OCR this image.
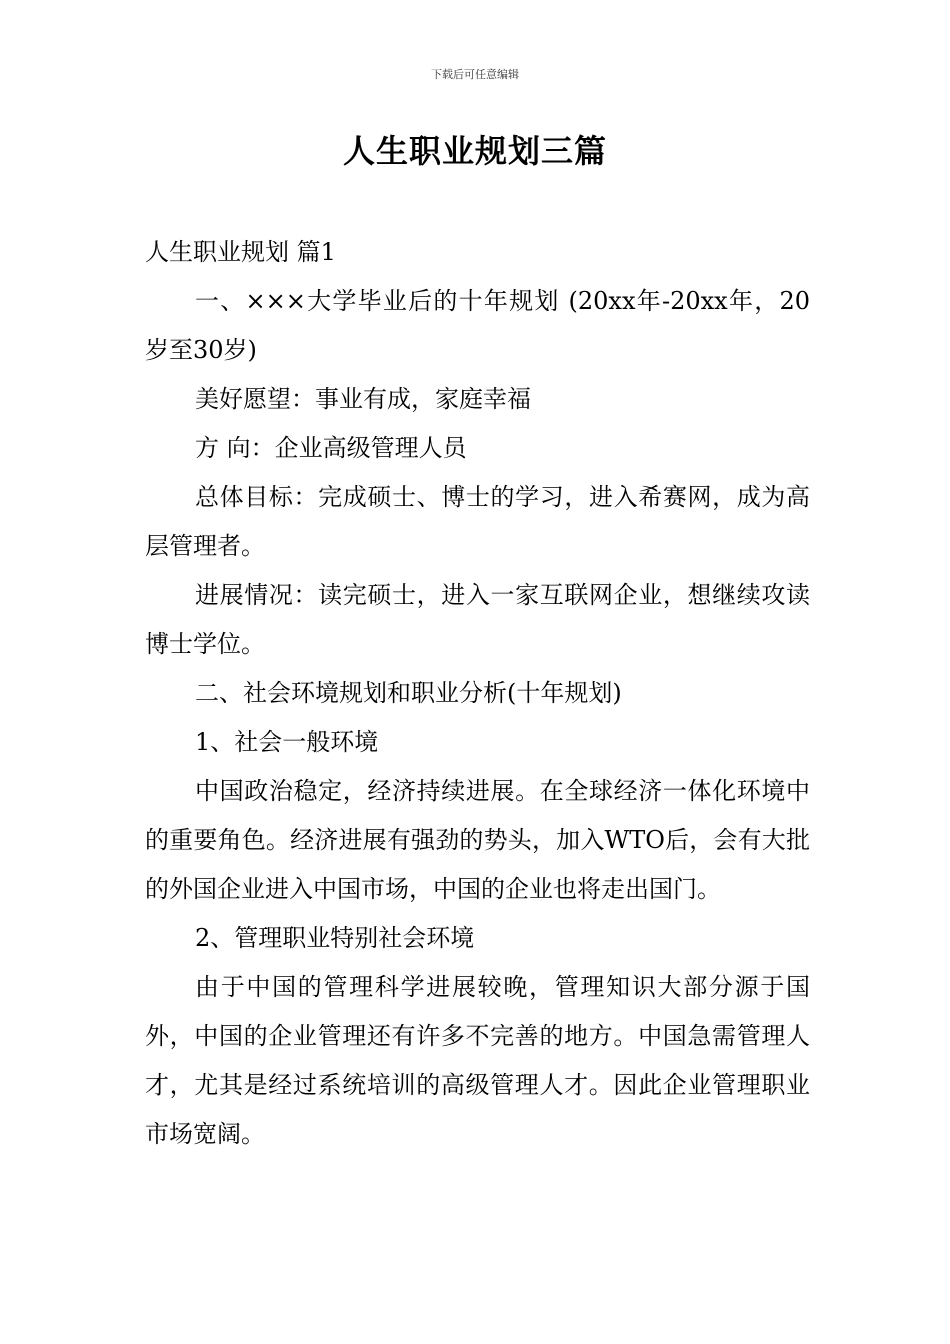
下载后可任意编辑
人生职业规划三篇

人生职业规划 篇1

一、×××大学毕业后的十年规划 (20xx年-20xx年，20岁至30岁)

美好愿望：事业有成，家庭幸福

方 向：企业高级管理人员

总体目标：完成硕士、博士的学习，进入希赛网，成为高层管理者。

进展情况：读完硕士，进入一家互联网企业，想继续攻读博士学位。

二、社会环境规划和职业分析(十年规划)

1、社会一般环境

中国政治稳定，经济持续进展。在全球经济一体化环境中的重要角色。经济进展有强劲的势头，加入WTO后，会有大批的外国企业进入中国市场，中国的企业也将走出国门。

2、管理职业特别社会环境

由于中国的管理科学进展较晚，管理知识大部分源于国外，中国的企业管理还有许多不完善的地方。中国急需管理人才，尤其是经过系统培训的高级管理人才。因此企业管理职业市场宽阔。
